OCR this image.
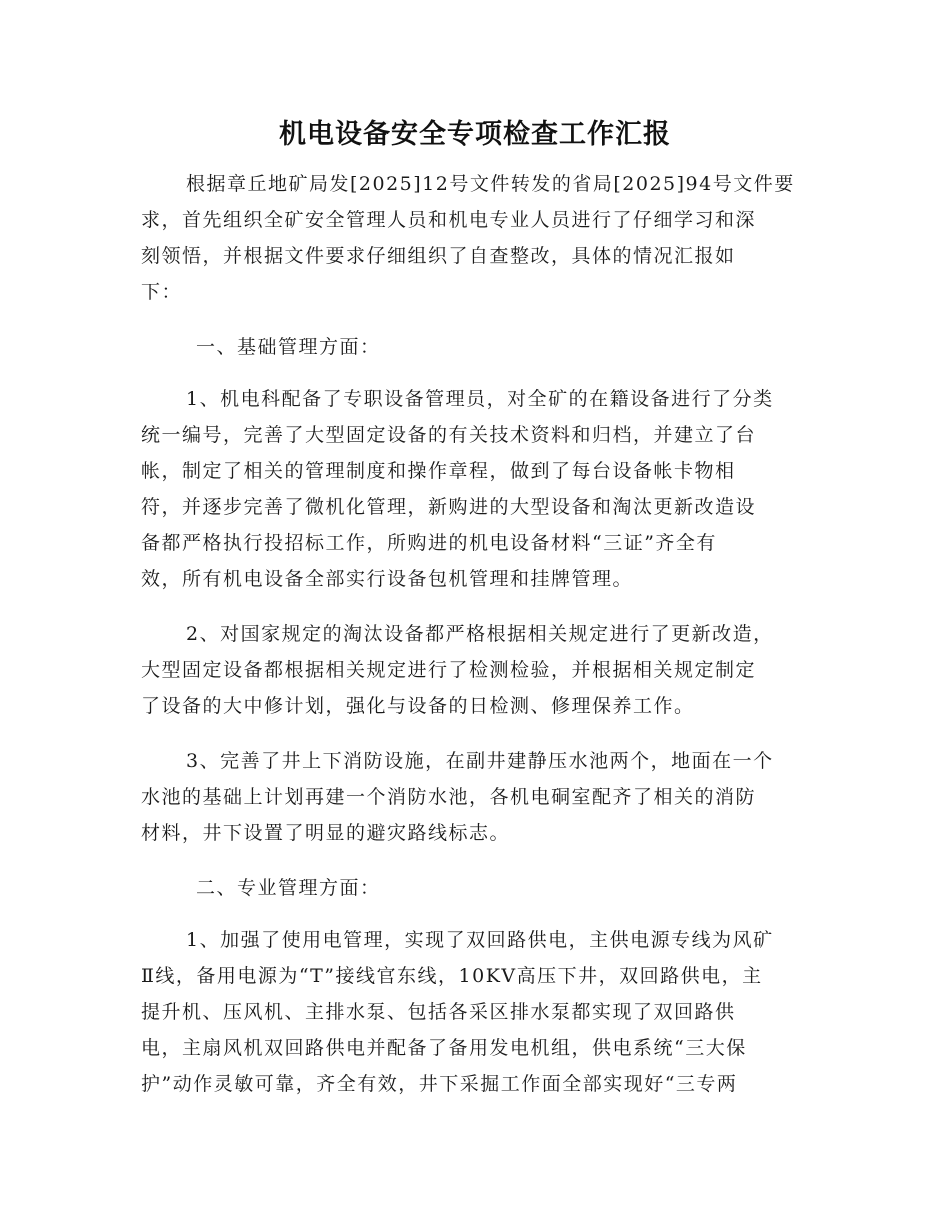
机电设备安全专项检查工作汇报
根据章丘地矿局发[2025]12号文件转发的省局[2025]94号文件要
求，首先组织全矿安全管理人员和机电专业人员进行了仔细学习和深
刻领悟，并根据文件要求仔细组织了自查整改，具体的情况汇报如
下：
一、基础管理方面：
1、机电科配备了专职设备管理员，对全矿的在籍设备进行了分类
统一编号，完善了大型固定设备的有关技术资料和归档，并建立了台
帐，制定了相关的管理制度和操作章程，做到了每台设备帐卡物相
符，并逐步完善了微机化管理，新购进的大型设备和淘汰更新改造设
备都严格执行投招标工作，所购进的机电设备材料“三证”齐全有
效，所有机电设备全部实行设备包机管理和挂牌管理。
2、对国家规定的淘汰设备都严格根据相关规定进行了更新改造，
大型固定设备都根据相关规定进行了检测检验，并根据相关规定制定
了设备的大中修计划，强化与设备的日检测、修理保养工作。
3、完善了井上下消防设施，在副井建静压水池两个，地面在一个
水池的基础上计划再建一个消防水池，各机电硐室配齐了相关的消防
材料，井下设置了明显的避灾路线标志。
二、专业管理方面：
1、加强了使用电管理，实现了双回路供电，主供电源专线为风矿
Ⅱ线，备用电源为“T”接线官东线，10KV高压下井，双回路供电，主
提升机、压风机、主排水泵、包括各采区排水泵都实现了双回路供
电，主扇风机双回路供电并配备了备用发电机组，供电系统“三大保
护”动作灵敏可靠，齐全有效，井下采掘工作面全部实现好“三专两
